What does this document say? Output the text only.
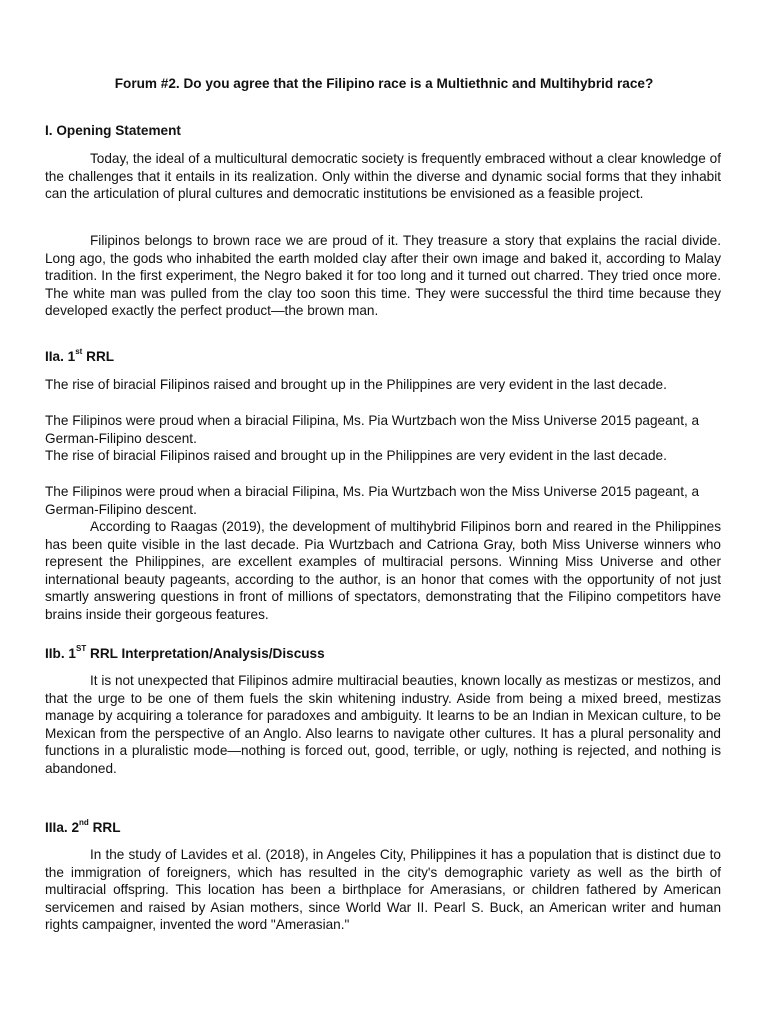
Forum #2. Do you agree that the Filipino race is a Multiethnic and Multihybrid race?
I. Opening Statement

Today, the ideal of a multicultural democratic society is frequently embraced without a clear knowledge of the challenges that it entails in its realization. Only within the diverse and dynamic social forms that they inhabit can the articulation of plural cultures and democratic institutions be envisioned as a feasible project.

Filipinos belongs to brown race we are proud of it. They treasure a story that explains the racial divide. Long ago, the gods who inhabited the earth molded clay after their own image and baked it, according to Malay tradition. In the first experiment, the Negro baked it for too long and it turned out charred. They tried once more. The white man was pulled from the clay too soon this time. They were successful the third time because they developed exactly the perfect product—the brown man.

IIa. 1st RRL

The rise of biracial Filipinos raised and brought up in the Philippines are very evident in the last decade.

The Filipinos were proud when a biracial Filipina, Ms. Pia Wurtzbach won the Miss Universe 2015 pageant, a German-Filipino descent.

The rise of biracial Filipinos raised and brought up in the Philippines are very evident in the last decade.

The Filipinos were proud when a biracial Filipina, Ms. Pia Wurtzbach won the Miss Universe 2015 pageant, a German-Filipino descent.

According to Raagas (2019), the development of multihybrid Filipinos born and reared in the Philippines has been quite visible in the last decade. Pia Wurtzbach and Catriona Gray, both Miss Universe winners who represent the Philippines, are excellent examples of multiracial persons. Winning Miss Universe and other international beauty pageants, according to the author, is an honor that comes with the opportunity of not just smartly answering questions in front of millions of spectators, demonstrating that the Filipino competitors have brains inside their gorgeous features.

IIb. 1ST RRL Interpretation/Analysis/Discuss

It is not unexpected that Filipinos admire multiracial beauties, known locally as mestizas or mestizos, and that the urge to be one of them fuels the skin whitening industry. Aside from being a mixed breed, mestizas manage by acquiring a tolerance for paradoxes and ambiguity. It learns to be an Indian in Mexican culture, to be Mexican from the perspective of an Anglo. Also learns to navigate other cultures. It has a plural personality and functions in a pluralistic mode—nothing is forced out, good, terrible, or ugly, nothing is rejected, and nothing is abandoned.

IIIa. 2nd RRL

In the study of Lavides et al. (2018), in Angeles City, Philippines it has a population that is distinct due to the immigration of foreigners, which has resulted in the city's demographic variety as well as the birth of multiracial offspring. This location has been a birthplace for Amerasians, or children fathered by American servicemen and raised by Asian mothers, since World War II. Pearl S. Buck, an American writer and human rights campaigner, invented the word "Amerasian."
